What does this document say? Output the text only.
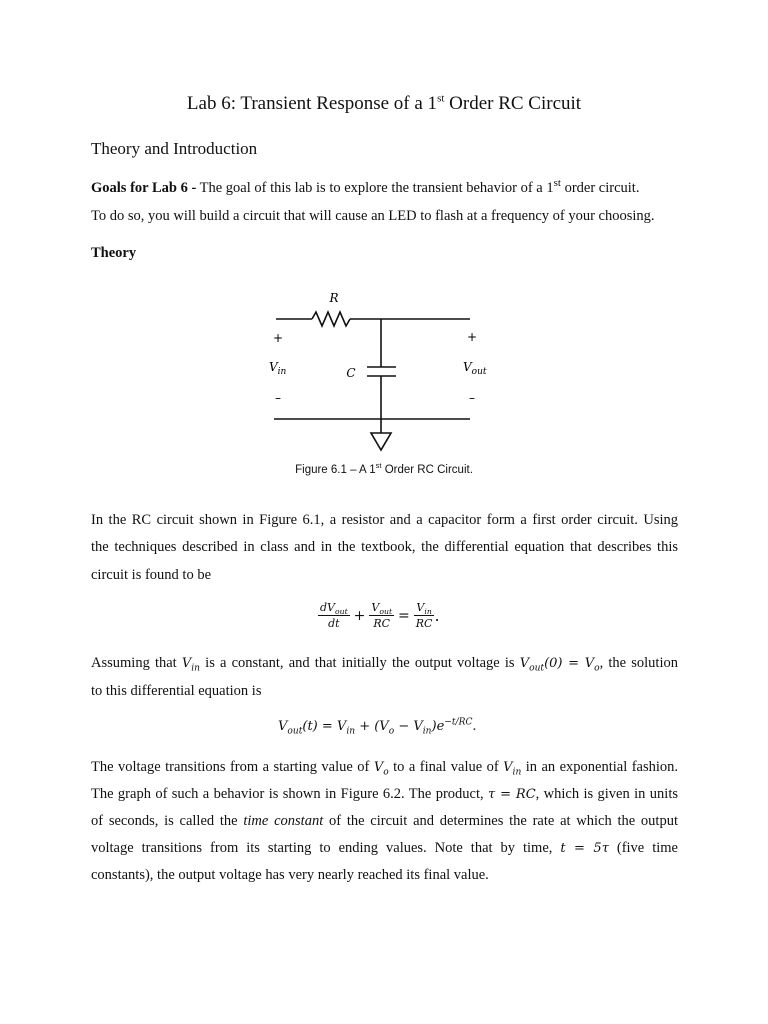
Lab 6: Transient Response of a 1st Order RC Circuit
Theory and Introduction
Goals for Lab 6 - The goal of this lab is to explore the transient behavior of a 1st order circuit.
To do so, you will build a circuit that will cause an LED to flash at a frequency of your choosing.
Theory
R
C
+
–
+
–
$V_{in}$	$V_{out}$
Figure 6.1 – A 1st Order RC Circuit.
In the RC circuit shown in Figure 6.1, a resistor and a capacitor form a first order circuit. Using
the techniques described in class and in the textbook, the differential equation that describes this
circuit is found to be
$\frac{dV_{out}}{dt} + \frac{V_{out}}{RC} = \frac{V_{in}}{RC}$ .
Assuming that $V_{in}$ is a constant, and that initially the output voltage is $V_{out}(0) = V_o$, the solution
to this differential equation is
$V_{out}(t) = V_{in} + (V_o - V_{in})e^{-t/RC}$.
The voltage transitions from a starting value of $V_o$ to a final value of $V_{in}$ in an exponential fashion.
The graph of such a behavior is shown in Figure 6.2. The product, τ = RC, which is given in units
of seconds, is called the time constant of the circuit and determines the rate at which the output
voltage transitions from its starting to ending values. Note that by time, t = 5τ (five time
constants), the output voltage has very nearly reached its final value.
